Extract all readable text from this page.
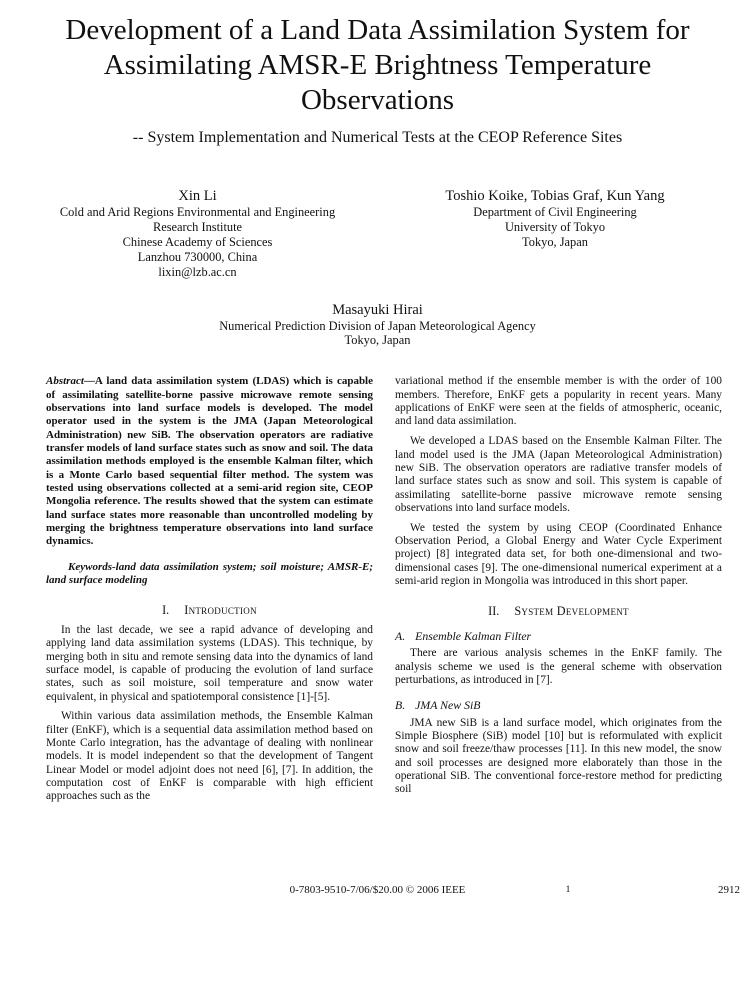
Development of a Land Data Assimilation System for Assimilating AMSR-E Brightness Temperature Observations
-- System Implementation and Numerical Tests at the CEOP Reference Sites
Xin Li
Cold and Arid Regions Environmental and Engineering
Research Institute
Chinese Academy of Sciences
Lanzhou 730000, China
lixin@lzb.ac.cn
Toshio Koike, Tobias Graf, Kun Yang
Department of Civil Engineering
University of Tokyo
Tokyo, Japan
Masayuki Hirai
Numerical Prediction Division of Japan Meteorological Agency
Tokyo, Japan

Abstract—A land data assimilation system (LDAS) which is capable of assimilating satellite-borne passive microwave remote sensing observations into land surface models is developed. The model operator used in the system is the JMA (Japan Meteorological Administration) new SiB. The observation operators are radiative transfer models of land surface states such as snow and soil. The data assimilation methods employed is the ensemble Kalman filter, which is a Monte Carlo based sequential filter method. The system was tested using observations collected at a semi-arid region site, CEOP Mongolia reference. The results showed that the system can estimate land surface states more reasonable than uncontrolled modeling by merging the brightness temperature observations into land surface dynamics.

Keywords-land data assimilation system; soil moisture; AMSR-E; land surface modeling

I. Introduction

In the last decade, we see a rapid advance of developing and applying land data assimilation systems (LDAS). This technique, by merging both in situ and remote sensing data into the dynamics of land surface model, is capable of producing the evolution of land surface states, such as soil moisture, soil temperature and snow water equivalent, in physical and spatiotemporal consistence [1]-[5].

Within various data assimilation methods, the Ensemble Kalman filter (EnKF), which is a sequential data assimilation method based on Monte Carlo integration, has the advantage of dealing with nonlinear models. It is model independent so that the development of Tangent Linear Model or model adjoint does not need [6], [7]. In addition, the computation cost of EnKF is comparable with high efficient approaches such as the

variational method if the ensemble member is with the order of 100 members. Therefore, EnKF gets a popularity in recent years. Many applications of EnKF were seen at the fields of atmospheric, oceanic, and land data assimilation.

We developed a LDAS based on the Ensemble Kalman Filter. The land model used is the JMA (Japan Meteorological Administration) new SiB. The observation operators are radiative transfer models of land surface states such as snow and soil. This system is capable of assimilating satellite-borne passive microwave remote sensing observations into land surface models.

We tested the system by using CEOP (Coordinated Enhance Observation Period, a Global Energy and Water Cycle Experiment project) [8] integrated data set, for both one-dimensional and two-dimensional cases [9]. The one-dimensional numerical experiment at a semi-arid region in Mongolia was introduced in this short paper.

II. System Development
A. Ensemble Kalman Filter

There are various analysis schemes in the EnKF family. The analysis scheme we used is the general scheme with observation perturbations, as introduced in [7].

B. JMA New SiB

JMA new SiB is a land surface model, which originates from the Simple Biosphere (SiB) model [10] but is reformulated with explicit snow and soil freeze/thaw processes [11]. In this new model, the snow and soil processes are designed more elaborately than those in the operational SiB. The conventional force-restore method for predicting soil

0-7803-9510-7/06/$20.00 © 2006 IEEE	1	2912
